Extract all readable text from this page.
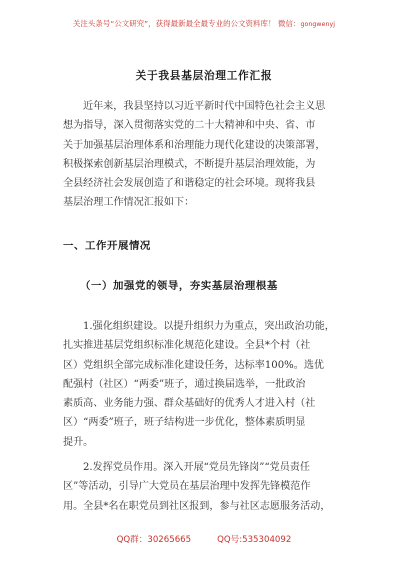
关注头条号“公文研究”，获得最新最全最专业的公文资料库！ 微信：gongwenyj
关于我县基层治理工作汇报
近年来，我县坚持以习近平新时代中国特色社会主义思
想为指导，深入贯彻落实党的二十大精神和中央、省、市
关于加强基层治理体系和治理能力现代化建设的决策部署，
积极探索创新基层治理模式，不断提升基层治理效能，为
全县经济社会发展创造了和谐稳定的社会环境。现将我县
基层治理工作情况汇报如下：
一、工作开展情况
（一）加强党的领导，夯实基层治理根基
1.强化组织建设。以提升组织力为重点，突出政治功能，
扎实推进基层党组织标准化规范化建设。全县*个村（社
区）党组织全部完成标准化建设任务，达标率100%。选优
配强村（社区）“两委”班子，通过换届选举，一批政治
素质高、业务能力强、群众基础好的优秀人才进入村（社
区）“两委”班子，班子结构进一步优化，整体素质明显
提升。
2.发挥党员作用。深入开展“党员先锋岗”“党员责任
区”等活动，引导广大党员在基层治理中发挥先锋模范作
用。全县*名在职党员到社区报到，参与社区志愿服务活动，
QQ群：30265665	QQ号:535304092
